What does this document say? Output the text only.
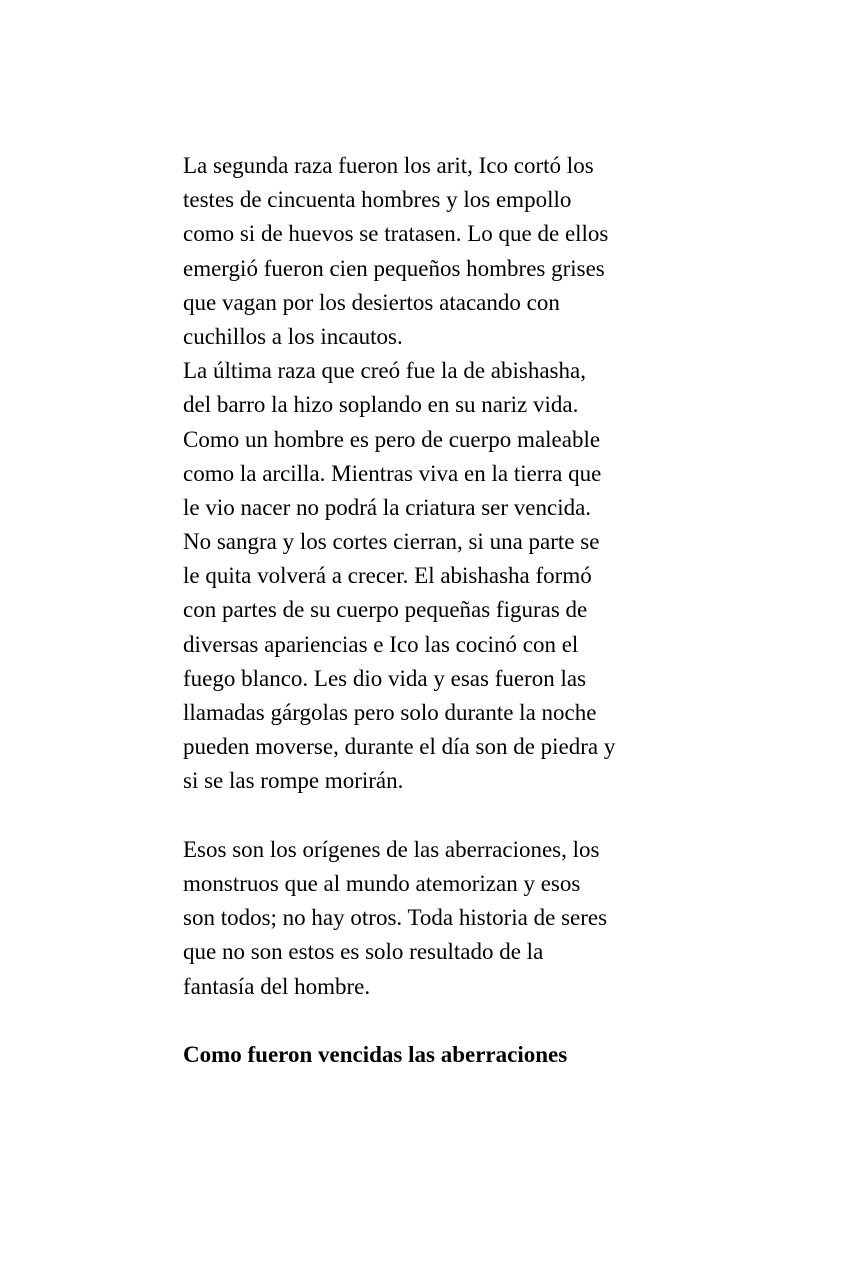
La segunda raza fueron los arit, Ico cortó los
testes de cincuenta hombres y los empollo
como si de huevos se tratasen. Lo que de ellos
emergió fueron cien pequeños hombres grises
que vagan por los desiertos atacando con
cuchillos a los incautos.
La última raza que creó fue la de abishasha,
del barro la hizo soplando en su nariz vida.
Como un hombre es pero de cuerpo maleable
como la arcilla. Mientras viva en la tierra que
le vio nacer no podrá la criatura ser vencida.
No sangra y los cortes cierran, si una parte se
le quita volverá a crecer. El abishasha formó
con partes de su cuerpo pequeñas figuras de
diversas apariencias e Ico las cocinó con el
fuego blanco. Les dio vida y esas fueron las
llamadas gárgolas pero solo durante la noche
pueden moverse, durante el día son de piedra y
si se las rompe morirán.
Esos son los orígenes de las aberraciones, los
monstruos que al mundo atemorizan y esos
son todos; no hay otros. Toda historia de seres
que no son estos es solo resultado de la
fantasía del hombre.
Como fueron vencidas las aberraciones
